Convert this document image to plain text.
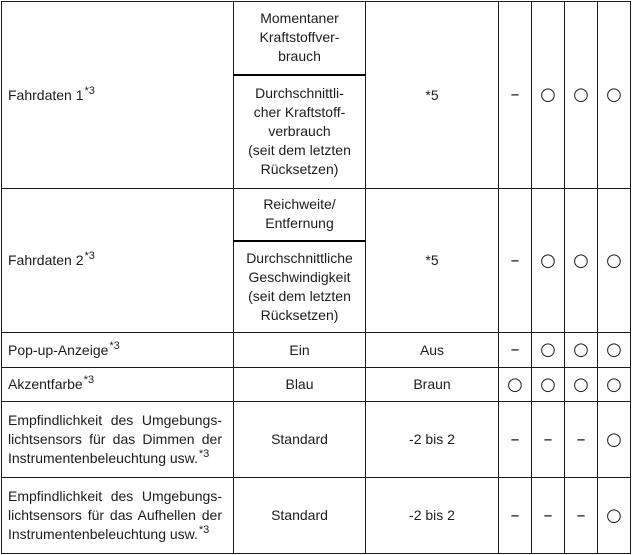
Fahrdaten 1$^{*3}$	Momentaner
Kraftstoffver-
brauch	*5	–	○	○	○

	Durchschnittli-
cher Kraftstoff-
verbrauch
(seit dem letzten
Rücksetzen)					

Fahrdaten 2$^{*3}$	Reichweite/
Entfernung	*5	–	○	○	○

	Durchschnittliche
Geschwindigkeit
(seit dem letzten
Rücksetzen)					

Pop-up-Anzeige$^{*3}$	Ein	Aus	–	○	○	○
Akzentfarbe$^{*3}$	Blau	Braun	○	○	○	○

Empfindlichkeit des Umgebungs-
lichtsensors für das Dimmen der
Instrumentenbeleuchtung usw.$^{*3}$	Standard	-2 bis 2	–	–	–	○

Empfindlichkeit des Umgebungs-
lichtsensors für das Aufhellen der
Instrumentenbeleuchtung usw.$^{*3}$	Standard	-2 bis 2	–	–	–	○
